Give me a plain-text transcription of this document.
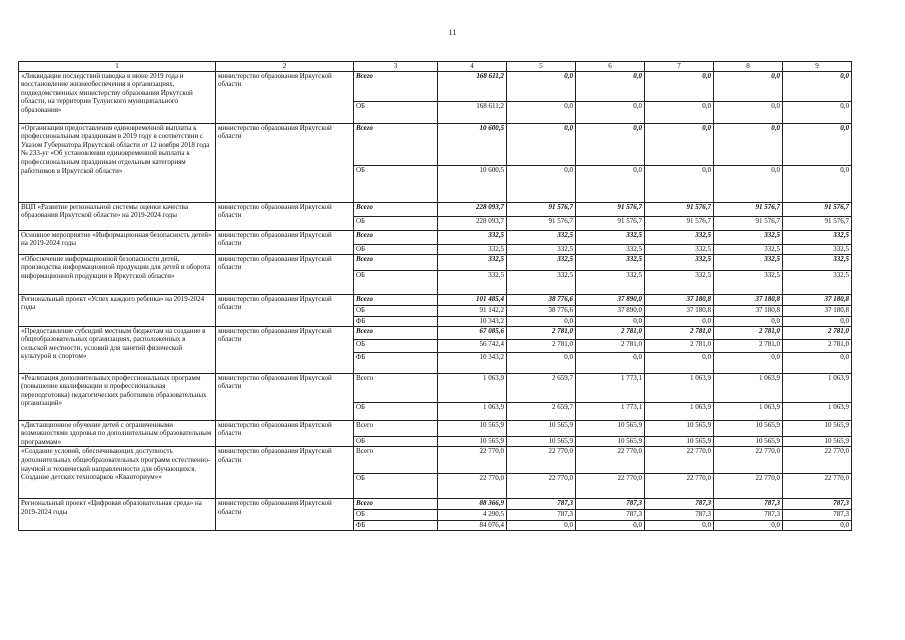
11
1	2	3	4	5	6	7	8	9
«Ликвидация последствий паводка в июне 2019 года и восстановление жизнеобеспечения в организациях, подведомственных министерству образования Иркутской области, на территории Тулунского муниципального образования»	министерство образования Иркутской области	Всего	168 611,2	0,0	0,0	0,0	0,0	0,0
		ОБ	168 611,2	0,0	0,0	0,0	0,0	0,0
«Организация предоставления единовременной выплаты к профессиональным праздникам в 2019 году в соответствии с Указом Губернатора Иркутской области от 12 ноября 2018 года № 233-уг «Об установлении единовременной выплаты к профессиональным праздникам отдельным категориям работников в Иркутской области»	министерство образования Иркутской области	Всего	10 600,5	0,0	0,0	0,0	0,0	0,0
		ОБ	10 600,5	0,0	0,0	0,0	0,0	0,0
ВЦП «Развитие региональной системы оценки качества образования Иркутской области» на 2019-2024 годы	министерство образования Иркутской области	Всего	228 093,7	91 576,7	91 576,7	91 576,7	91 576,7	91 576,7
		ОБ	228 093,7	91 576,7	91 576,7	91 576,7	91 576,7	91 576,7
Основное мероприятие «Информационная безопасность детей» на 2019-2024 годы	министерство образования Иркутской области	Всего	332,5	332,5	332,5	332,5	332,5	332,5
		ОБ	332,5	332,5	332,5	332,5	332,5	332,5
«Обеспечение информационной безопасности детей, производства информационной продукции для детей и оборота информационной продукции в Иркутской области»	министерство образования Иркутской области	Всего	332,5	332,5	332,5	332,5	332,5	332,5
		ОБ	332,5	332,5	332,5	332,5	332,5	332,5
Региональный проект «Успех каждого ребенка» на 2019-2024 годы	министерство образования Иркутской области	Всего	101 485,4	38 776,6	37 890,0	37 180,8	37 180,8	37 180,8
		ОБ	91 142,2	38 776,6	37 890,0	37 180,8	37 180,8	37 180,8
		ФБ	10 343,2	0,0	0,0	0,0	0,0	0,0
«Предоставление субсидий местным бюджетам на создание в общеобразовательных организациях, расположенных в сельской местности, условий для занятий физической культурой и спортом»	министерство образования Иркутской области	Всего	67 085,6	2 781,0	2 781,0	2 781,0	2 781,0	2 781,0
		ОБ	56 742,4	2 781,0	2 781,0	2 781,0	2 781,0	2 781,0
		ФБ	10 343,2	0,0	0,0	0,0	0,0	0,0
«Реализация дополнительных профессиональных программ (повышение квалификации и профессиональная переподготовка) педагогических работников образовательных организаций»	министерство образования Иркутской области	Всего	1 063,9	2 659,7	1 773,1	1 063,9	1 063,9	1 063,9
		ОБ	1 063,9	2 659,7	1 773,1	1 063,9	1 063,9	1 063,9
«Дистанционное обучение детей с ограниченными возможностями здоровья по дополнительным образовательным программам»	министерство образования Иркутской области	Всего	10 565,9	10 565,9	10 565,9	10 565,9	10 565,9	10 565,9
		ОБ	10 565,9	10 565,9	10 565,9	10 565,9	10 565,9	10 565,9
«Создание условий, обеспечивающих доступность дополнительных общеобразовательных программ естественно-научной и технической направленности для обучающихся. Создание детских технопарков «Кванториум»»	министерство образования Иркутской области	Всего	22 770,0	22 770,0	22 770,0	22 770,0	22 770,0	22 770,0
		ОБ	22 770,0	22 770,0	22 770,0	22 770,0	22 770,0	22 770,0
Региональный проект «Цифровая образовательная среда» на 2019-2024 годы	министерство образования Иркутской области	Всего	88 366,9	787,3	787,3	787,3	787,3	787,3
		ОБ	4 290,5	787,3	787,3	787,3	787,3	787,3
		ФБ	84 076,4	0,0	0,0	0,0	0,0	0,0
